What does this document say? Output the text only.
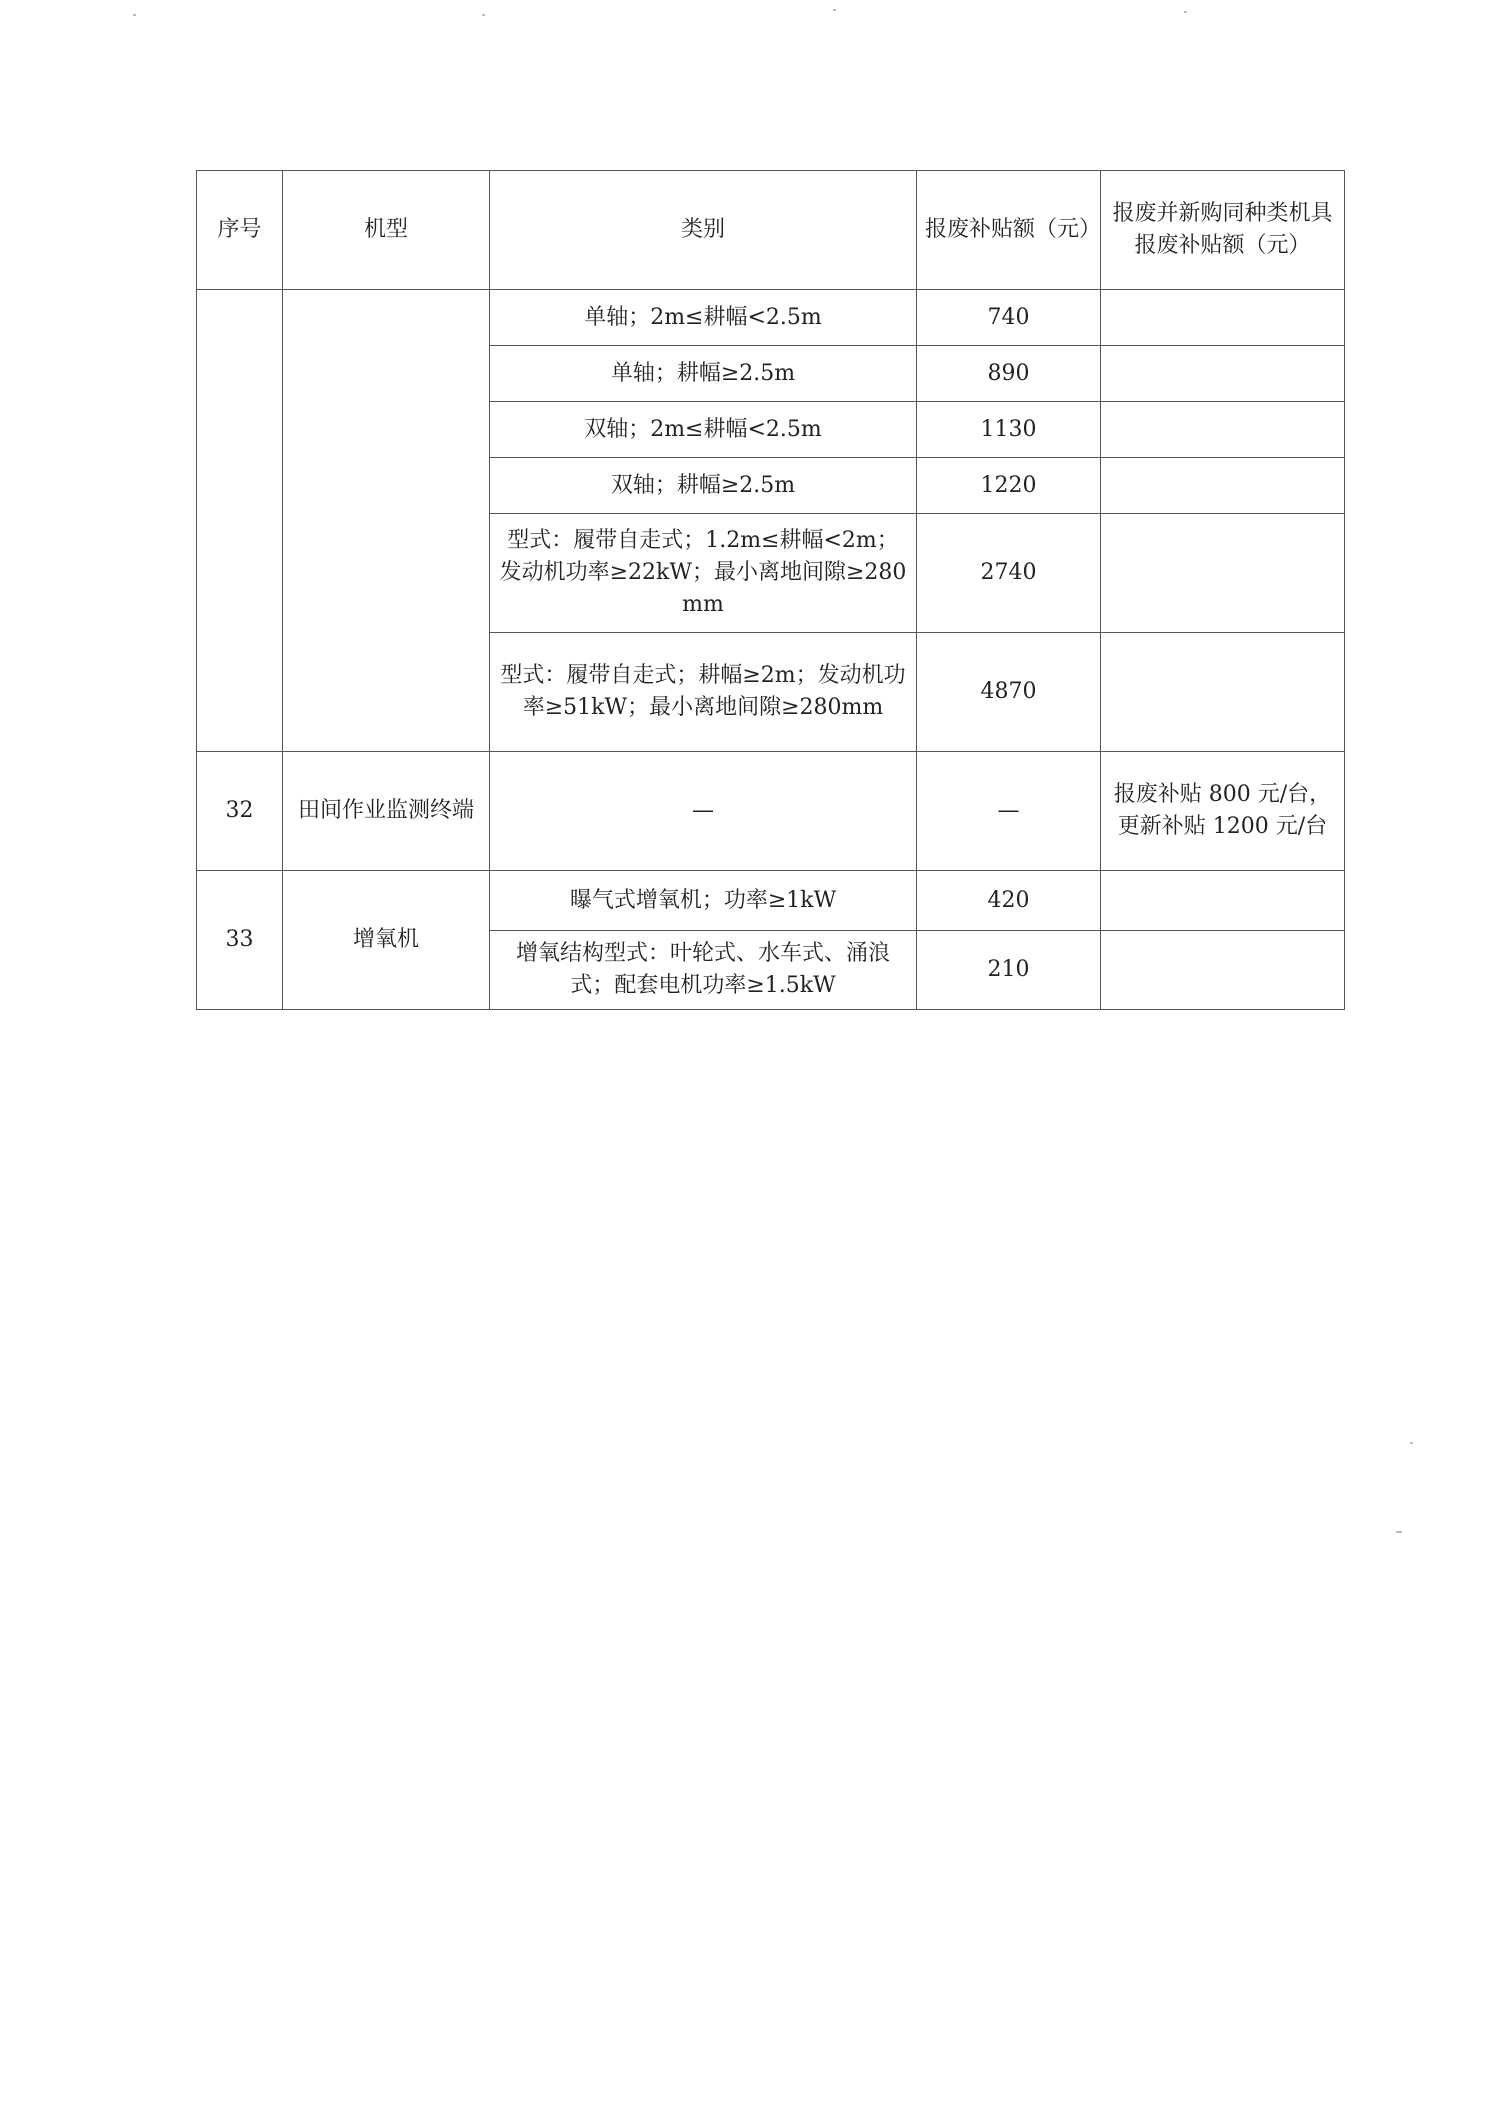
序号	机型	类别	报废补贴额（元）	报废并新购同种类机具报废补贴额（元）
		单轴；2m≤耕幅<2.5m	740	
		单轴；耕幅≥2.5m	890	
		双轴；2m≤耕幅<2.5m	1130	
		双轴；耕幅≥2.5m	1220	
		型式：履带自走式；1.2m≤耕幅<2m；发动机功率≥22kW；最小离地间隙≥280mm	2740	
		型式：履带自走式；耕幅≥2m；发动机功率≥51kW；最小离地间隙≥280mm	4870	
32	田间作业监测终端	—	—	报废补贴 800 元/台，更新补贴 1200 元/台
33	增氧机	曝气式增氧机；功率≥1kW	420	
		增氧结构型式：叶轮式、水车式、涌浪式；配套电机功率≥1.5kW	210	
